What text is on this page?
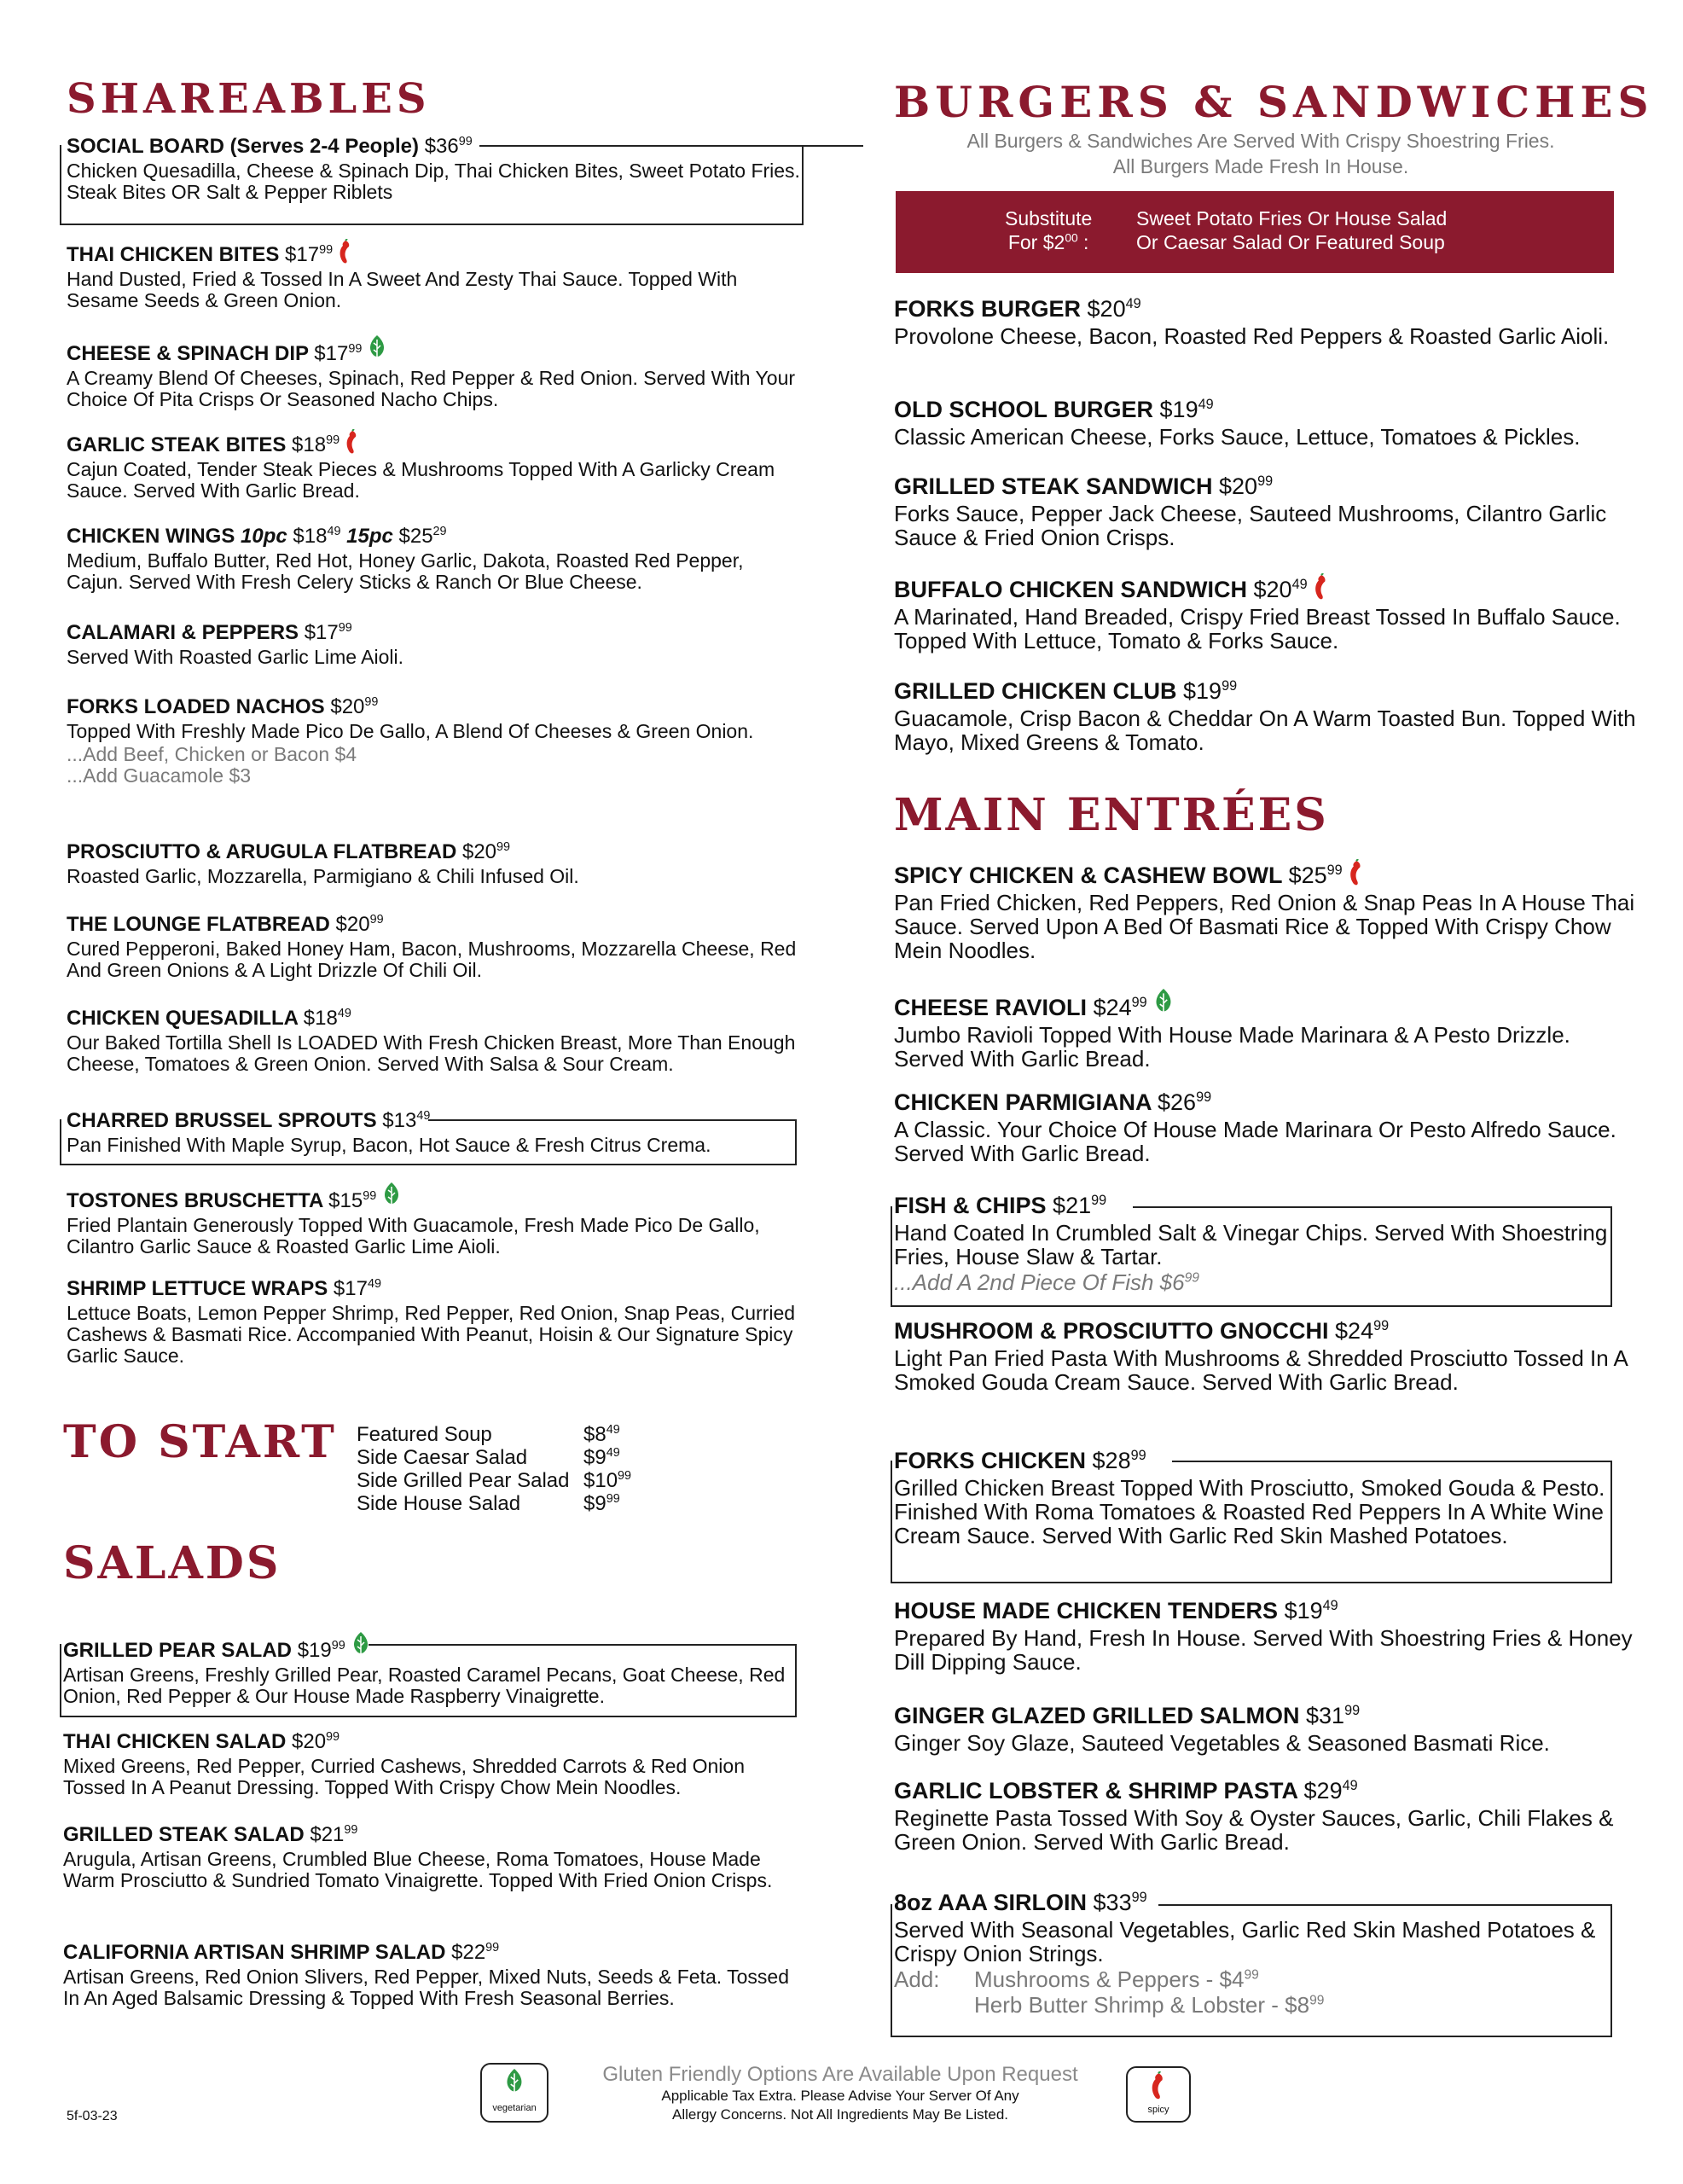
SHAREABLES
SOCIAL BOARD (Serves 2-4 People) $\$36^{99}$
Chicken Quesadilla, Cheese & Spinach Dip, Thai Chicken Bites, Sweet Potato Fries. Steak Bites OR Salt & Pepper Riblets
THAI CHICKEN BITES $\$17^{99}$
Hand Dusted, Fried & Tossed In A Sweet And Zesty Thai Sauce. Topped With Sesame Seeds & Green Onion.
CHEESE & SPINACH DIP $\$17^{99}$
A Creamy Blend Of Cheeses, Spinach, Red Pepper & Red Onion. Served With Your Choice Of Pita Crisps Or Seasoned Nacho Chips.
GARLIC STEAK BITES $\$18^{99}$
Cajun Coated, Tender Steak Pieces & Mushrooms Topped With A Garlicky Cream Sauce. Served With Garlic Bread.
CHICKEN WINGS 10pc $\$18^{49}$ 15pc $\$25^{29}$
Medium, Buffalo Butter, Red Hot, Honey Garlic, Dakota, Roasted Red Pepper, Cajun. Served With Fresh Celery Sticks & Ranch Or Blue Cheese.
CALAMARI & PEPPERS $\$17^{99}$
Served With Roasted Garlic Lime Aioli.
FORKS LOADED NACHOS $\$20^{99}$
Topped With Freshly Made Pico De Gallo, A Blend Of Cheeses & Green Onion.
...Add Beef, Chicken or Bacon $4
...Add Guacamole $3
PROSCIUTTO & ARUGULA FLATBREAD $\$20^{99}$
Roasted Garlic, Mozzarella, Parmigiano & Chili Infused Oil.
THE LOUNGE FLATBREAD $\$20^{99}$
Cured Pepperoni, Baked Honey Ham, Bacon, Mushrooms, Mozzarella Cheese, Red And Green Onions & A Light Drizzle Of Chili Oil.
CHICKEN QUESADILLA $\$18^{49}$
Our Baked Tortilla Shell Is LOADED With Fresh Chicken Breast, More Than Enough Cheese, Tomatoes & Green Onion. Served With Salsa & Sour Cream.
CHARRED BRUSSEL SPROUTS $\$13^{49}$
Pan Finished With Maple Syrup, Bacon, Hot Sauce & Fresh Citrus Crema.
TOSTONES BRUSCHETTA $\$15^{99}$
Fried Plantain Generously Topped With Guacamole, Fresh Made Pico De Gallo, Cilantro Garlic Sauce & Roasted Garlic Lime Aioli.
SHRIMP LETTUCE WRAPS $\$17^{49}$
Lettuce Boats, Lemon Pepper Shrimp, Red Pepper, Red Onion, Snap Peas, Curried Cashews & Basmati Rice. Accompanied With Peanut, Hoisin & Our Signature Spicy Garlic Sauce.
TO START Featured Soup	$\$8^{49}$
Side Caesar Salad	$\$9^{49}$
Side Grilled Pear Salad $\$10^{99}$
Side House Salad	$\$9^{99}$
SALADS
GRILLED PEAR SALAD $\$19^{99}$
Artisan Greens, Freshly Grilled Pear, Roasted Caramel Pecans, Goat Cheese, Red Onion, Red Pepper & Our House Made Raspberry Vinaigrette.
THAI CHICKEN SALAD $\$20^{99}$
Mixed Greens, Red Pepper, Curried Cashews, Shredded Carrots & Red Onion Tossed In A Peanut Dressing. Topped With Crispy Chow Mein Noodles.
GRILLED STEAK SALAD $\$21^{99}$
Arugula, Artisan Greens, Crumbled Blue Cheese, Roma Tomatoes, House Made Warm Prosciutto & Sundried Tomato Vinaigrette. Topped With Fried Onion Crisps.
CALIFORNIA ARTISAN SHRIMP SALAD $\$22^{99}$
Artisan Greens, Red Onion Slivers, Red Pepper, Mixed Nuts, Seeds & Feta. Tossed In An Aged Balsamic Dressing & Topped With Fresh Seasonal Berries.
BURGERS & SANDWICHES
All Burgers & Sandwiches Are Served With Crispy Shoestring Fries.
All Burgers Made Fresh In House.
Substitute
For $\$2^{00}$ :
Sweet Potato Fries Or House Salad
Or Caesar Salad Or Featured Soup
FORKS BURGER $\$20^{49}$
Provolone Cheese, Bacon, Roasted Red Peppers & Roasted Garlic Aioli.
OLD SCHOOL BURGER $\$19^{49}$
Classic American Cheese, Forks Sauce, Lettuce, Tomatoes & Pickles.
GRILLED STEAK SANDWICH $\$20^{99}$
Forks Sauce, Pepper Jack Cheese, Sauteed Mushrooms, Cilantro Garlic Sauce & Fried Onion Crisps.
BUFFALO CHICKEN SANDWICH $\$20^{49}$
A Marinated, Hand Breaded, Crispy Fried Breast Tossed In Buffalo Sauce. Topped With Lettuce, Tomato & Forks Sauce.
GRILLED CHICKEN CLUB $\$19^{99}$
Guacamole, Crisp Bacon & Cheddar On A Warm Toasted Bun. Topped With Mayo, Mixed Greens & Tomato.
MAIN ENTRÉES
SPICY CHICKEN & CASHEW BOWL $\$25^{99}$
Pan Fried Chicken, Red Peppers, Red Onion & Snap Peas In A House Thai Sauce. Served Upon A Bed Of Basmati Rice & Topped With Crispy Chow Mein Noodles.
CHEESE RAVIOLI $\$24^{99}$
Jumbo Ravioli Topped With House Made Marinara & A Pesto Drizzle. Served With Garlic Bread.
CHICKEN PARMIGIANA $\$26^{99}$
A Classic. Your Choice Of House Made Marinara Or Pesto Alfredo Sauce. Served With Garlic Bread.
FISH & CHIPS $\$21^{99}$
Hand Coated In Crumbled Salt & Vinegar Chips. Served With Shoestring Fries, House Slaw & Tartar.
...Add A 2nd Piece Of Fish $\$6^{99}$
MUSHROOM & PROSCIUTTO GNOCCHI $\$24^{99}$
Light Pan Fried Pasta With Mushrooms & Shredded Prosciutto Tossed In A Smoked Gouda Cream Sauce. Served With Garlic Bread.
FORKS CHICKEN $\$28^{99}$
Grilled Chicken Breast Topped With Prosciutto, Smoked Gouda & Pesto. Finished With Roma Tomatoes & Roasted Red Peppers In A White Wine Cream Sauce. Served With Garlic Red Skin Mashed Potatoes.
HOUSE MADE CHICKEN TENDERS $\$19^{49}$
Prepared By Hand, Fresh In House. Served With Shoestring Fries & Honey Dill Dipping Sauce.
GINGER GLAZED GRILLED SALMON $\$31^{99}$
Ginger Soy Glaze, Sauteed Vegetables & Seasoned Basmati Rice.
GARLIC LOBSTER & SHRIMP PASTA $\$29^{49}$
Reginette Pasta Tossed With Soy & Oyster Sauces, Garlic, Chili Flakes & Green Onion. Served With Garlic Bread.
8oz AAA SIRLOIN $\$33^{99}$
Served With Seasonal Vegetables, Garlic Red Skin Mashed Potatoes & Crispy Onion Strings.
Add: Mushrooms & Peppers - $\$4^{99}$
Herb Butter Shrimp & Lobster - $\$8^{99}$
5f-03-23
vegetarian
Gluten Friendly Options Are Available Upon Request
Applicable Tax Extra. Please Advise Your Server Of Any
Allergy Concerns. Not All Ingredients May Be Listed.	spicy
